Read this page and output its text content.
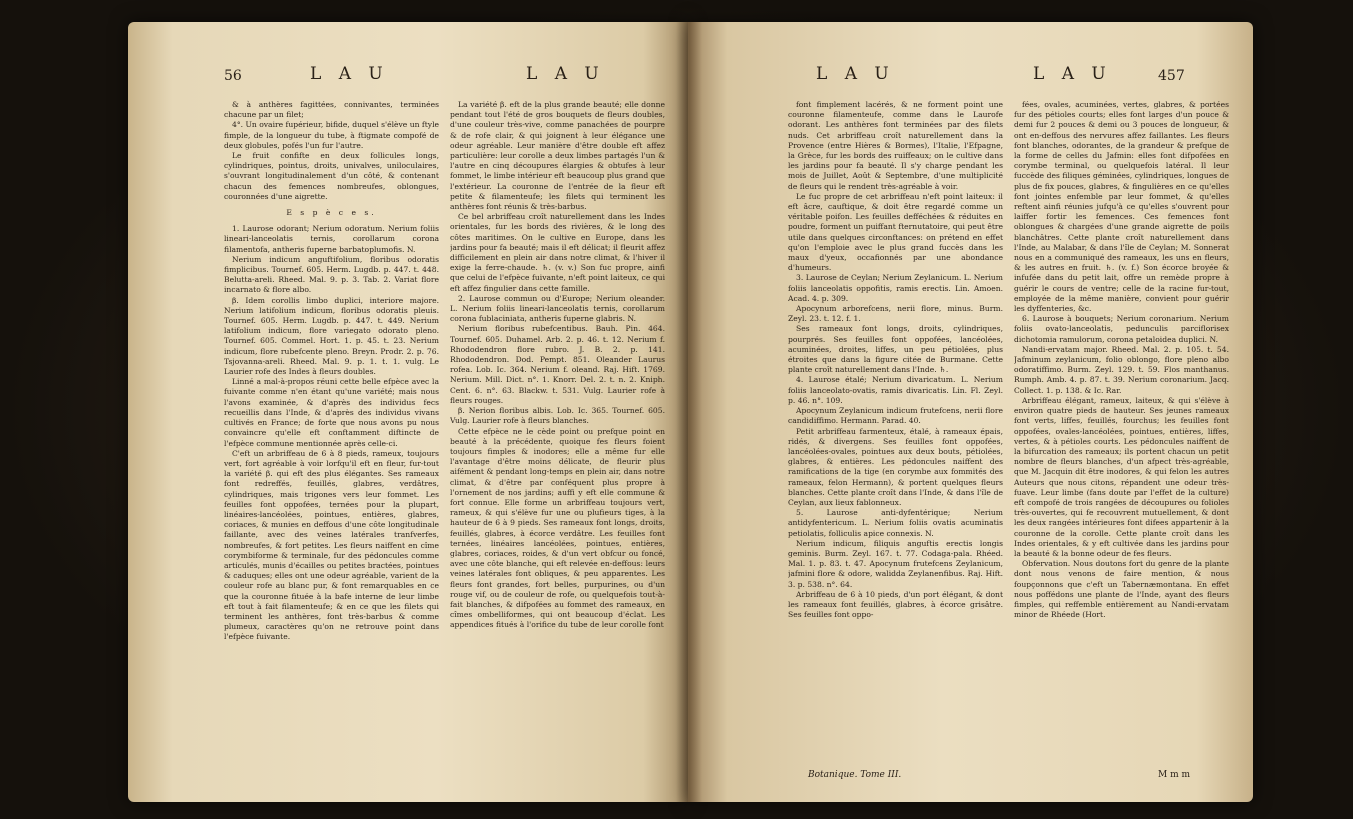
56	L A U	L A U

& à anthères fagittées, connivantes, terminées chacune par un filet;

4°. Un ovaire fupérieur, bifide, duquel s'élève un ftyle fimple, de la longueur du tube, à ftigmate compofé de deux globules, pofés l'un fur l'autre.

Le fruit confifte en deux follicules longs, cylindriques, pointus, droits, univalves, uniloculaires, s'ouvrant longitudinalement d'un côté, & contenant chacun des femences nombreufes, oblongues, couronnées d'une aigrette.

E s p è c e s.

1. Laurose odorant; Nerium odoratum. Nerium foliis lineari-lanceolatis ternis, corollarum corona filamentofa, antheris fuperne barbatoplumofis. N.

Nerium indicum anguftifolium, floribus odoratis fimplicibus. Tournef. 605. Herm. Lugdb. p. 447. t. 448. Belutta-areli. Rheed. Mal. 9. p. 3. Tab. 2. Variat flore incarnato & flore albo.

β. Idem corollis limbo duplici, interiore majore. Nerium latifolium indicum, floribus odoratis pleuis. Tournef. 605. Herm. Lugdb. p. 447. t. 449. Nerium latifolium indicum, flore variegato odorato pleno. Tournef. 605. Commel. Hort. 1. p. 45. t. 23. Nerium indicum, flore rubefcente pleno. Breyn. Prodr. 2. p. 76. Tsjovanna-areli. Rheed. Mal. 9. p. 1. t. 1. vulg. Le Laurier rofe des Indes à fleurs doubles.

Linné a mal-à-propos réuni cette belle efpèce avec la fuivante comme n'en étant qu'une variété; mais nous l'avons examinée, & d'après des individus fecs recueillis dans l'Inde, & d'après des individus vivans cultivés en France; de forte que nous avons pu nous convaincre qu'elle eft conftamment diftincte de l'efpèce commune mentionnée après celle-ci.

C'eft un arbriffeau de 6 à 8 pieds, rameux, toujours vert, fort agréable à voir lorfqu'il eft en fleur, fur-tout la variété β. qui eft des plus élégantes. Ses rameaux font redreffés, feuillés, glabres, verdâtres, cylindriques, mais trigones vers leur fommet. Les feuilles font oppofées, ternées pour la plupart, linéaires-lancéolées, pointues, entières, glabres, coriaces, & munies en deffous d'une côte longitudinale faillante, avec des veines latérales tranfverfes, nombreufes, & fort petites. Les fleurs naiffent en cîme corymbiforme & terminale, fur des pédoncules comme articulés, munis d'écailles ou petites bractées, pointues & caduques; elles ont une odeur agréable, varient de la couleur rofe au blanc pur, & font remarquables en ce que la couronne fituée à la bafe interne de leur limbe eft tout à fait filamenteufe; & en ce que les filets qui terminent les anthères, font très-barbus & comme plumeux, caractères qu'on ne retrouve point dans l'efpèce fuivante.

La variété β. eft de la plus grande beauté; elle donne pendant tout l'été de gros bouquets de fleurs doubles, d'une couleur très-vive, comme panachées de pourpre & de rofe clair, & qui joignent à leur élégance une odeur agréable. Leur manière d'être double eft affez particulière: leur corolle a deux limbes partagés l'un & l'autre en cinq découpures élargies & obtufes à leur fommet, le limbe intérieur eft beaucoup plus grand que l'extérieur. La couronne de l'entrée de la fleur eft petite & filamenteufe; les filets qui terminent les anthères font réunis & très-barbus.

Ce bel arbriffeau croît naturellement dans les Indes orientales, fur les bords des rivières, & le long des côtes maritimes. On le cultive en Europe, dans les jardins pour fa beauté; mais il eft délicat; il fleurit affez difficilement en plein air dans notre climat, & l'hiver il exige la ferre-chaude. ♄. (v. v.) Son fuc propre, ainfi que celui de l'efpèce fuivante, n'eft point laiteux, ce qui eft affez fingulier dans cette famille.

2. Laurose commun ou d'Europe; Nerium oleander. L. Nerium foliis lineari-lanceolatis ternis, corollarum corona fublaciniata, antheris fuperne glabris. N.

Nerium floribus rubefcentibus. Bauh. Pin. 464. Tournef. 605. Duhamel. Arb. 2. p. 46. t. 12. Nerium f. Rhododendron flore rubro. J. B. 2. p. 141. Rhododendron. Dod. Pempt. 851. Oleander Laurus rofea. Lob. Ic. 364. Nerium f. oleand. Raj. Hift. 1769. Nerium. Mill. Dict. n°. 1. Knorr. Del. 2. t. n. 2. Kniph. Cent. 6. n°. 63. Blackw. t. 531. Vulg. Laurier rofe à fleurs rouges.

β. Nerion floribus albis. Lob. Ic. 365. Tournef. 605. Vulg. Laurier rofe à fleurs blanches.

Cette efpèce ne le cède point ou prefque point en beauté à la précédente, quoique fes fleurs foient toujours fimples & inodores; elle a même fur elle l'avantage d'être moins délicate, de fleurir plus aifément & pendant long-temps en plein air, dans notre climat, & d'être par conféquent plus propre à l'ornement de nos jardins; auffi y eft elle commune & fort connue. Elle forme un arbriffeau toujours vert, rameux, & qui s'élève fur une ou plufieurs tiges, à la hauteur de 6 à 9 pieds. Ses rameaux font longs, droits, feuillés, glabres, à écorce verdâtre. Les feuilles font ternées, linéaires lancéolées, pointues, entières, glabres, coriaces, roides, & d'un vert obfcur ou foncé, avec une côte blanche, qui eft relevée en-deffous: leurs veines latérales font obliques, & peu apparentes. Les fleurs font grandes, fort belles, purpurines, ou d'un rouge vif, ou de couleur de rofe, ou quelquefois tout-à-fait blanches, & difpofées au fommet des rameaux, en cîmes ombelliformes, qui ont beaucoup d'éclat. Les appendices fitués à l'orifice du tube de leur corolle font

L A U	L A U	457

font fimplement lacérés, & ne forment point une couronne filamenteufe, comme dans le Laurofe odorant. Les anthères font terminées par des filets nuds. Cet arbriffeau croît naturellement dans la Provence (entre Hières & Bormes), l'Italie, l'Efpagne, la Grèce, fur les bords des ruiffeaux; on le cultive dans les jardins pour fa beauté. Il s'y charge pendant les mois de Juillet, Août & Septembre, d'une multiplicité de fleurs qui le rendent très-agréable à voir.

Le fuc propre de cet arbriffeau n'eft point laiteux: il eft âcre, cauftique, & doit être regardé comme un véritable poifon. Les feuilles defféchées & réduites en poudre, forment un puiffant fternutatoire, qui peut être utile dans quelques circonftances: on prétend en effet qu'on l'emploie avec le plus grand fuccès dans les maux d'yeux, occafionnés par une abondance d'humeurs.

3. Laurose de Ceylan; Nerium Zeylanicum. L. Nerium foliis lanceolatis oppofitis, ramis erectis. Lin. Amoen. Acad. 4. p. 309.

Apocynum arborefcens, nerii flore, minus. Burm. Zeyl. 23. t. 12. f. 1.

Ses rameaux font longs, droits, cylindriques, pourprés. Ses feuilles font oppofées, lancéolées, acuminées, droites, liffes, un peu pétiolées, plus étroites que dans la figure citée de Burmane. Cette plante croît naturellement dans l'Inde. ♄.

4. Laurose étalé; Nerium divaricatum. L. Nerium foliis lanceolato-ovatis, ramis divaricatis. Lin. Fl. Zeyl. p. 46. n°. 109.

Apocynum Zeylanicum indicum frutefcens, nerii flore candidiffimo. Hermann. Parad. 40.

Petit arbriffeau farmenteux, étalé, à rameaux épais, ridés, & divergens. Ses feuilles font oppofées, lancéolées-ovales, pointues aux deux bouts, pétiolées, glabres, & entières. Les pédoncules naiffent des ramifications de la tige (en corymbe aux fommités des rameaux, felon Hermann), & portent quelques fleurs blanches. Cette plante croît dans l'Inde, & dans l'île de Ceylan, aux lieux fablonneux.

5. Laurose anti-dyfentérique; Nerium antidyfentericum. L. Nerium foliis ovatis acuminatis petiolatis, folliculis apice connexis. N.

Nerium indicum, filiquis anguftis erectis longis geminis. Burm. Zeyl. 167. t. 77. Codaga-pala. Rhéed. Mal. 1. p. 83. t. 47. Apocynum frutefcens Zeylanicum, jafmini flore & odore, walidda Zeylanenfibus. Raj. Hift. 3. p. 538. n°. 64.

Arbriffeau de 6 à 10 pieds, d'un port élégant, & dont les rameaux font feuillés, glabres, à écorce grisâtre. Ses feuilles font oppo-

fées, ovales, acuminées, vertes, glabres, & portées fur des pétioles courts; elles font larges d'un pouce & demi fur 2 pouces & demi ou 3 pouces de longueur, & ont en-deffous des nervures affez faillantes. Les fleurs font blanches, odorantes, de la grandeur & prefque de la forme de celles du Jafmin: elles font difpofées en corymbe terminal, ou quelquefois latéral. Il leur fuccède des filiques géminées, cylindriques, longues de plus de fix pouces, glabres, & fingulières en ce qu'elles font jointes enfemble par leur fommet, & qu'elles reftent ainfi réunies jufqu'à ce qu'elles s'ouvrent pour laiffer fortir les femences. Ces femences font oblongues & chargées d'une grande aigrette de poils blanchâtres. Cette plante croît naturellement dans l'Inde, au Malabar, & dans l'île de Ceylan; M. Sonnerat nous en a communiqué des rameaux, les uns en fleurs, & les autres en fruit. ♄. (v. f.) Son écorce broyée & infufée dans du petit lait, offre un remède propre à guérir le cours de ventre; celle de la racine fur-tout, employée de la même manière, convient pour guérir les dyffenteries, &c.

6. Laurose à bouquets; Nerium coronarium. Nerium foliis ovato-lanceolatis, pedunculis parciflorisex dichotomia ramulorum, corona petaloidea duplici. N.

Nandi-ervatam major. Rheed. Mal. 2. p. 105. t. 54. Jafminum zeylanicum, folio oblongo, flore pleno albo odoratiffimo. Burm. Zeyl. 129. t. 59. Flos manthanus. Rumph. Amb. 4. p. 87. t. 39. Nerium coronarium. Jacq. Collect. 1. p. 138. & Ic. Rar.

Arbriffeau élégant, rameux, laiteux, & qui s'élève à environ quatre pieds de hauteur. Ses jeunes rameaux font verts, liffes, feuillés, fourchus; les feuilles font oppofées, ovales-lancéolées, pointues, entières, liffes, vertes, & à pétioles courts. Les pédoncules naiffent de la bifurcation des rameaux; ils portent chacun un petit nombre de fleurs blanches, d'un afpect très-agréable, que M. Jacquin dit être inodores, & qui felon les autres Auteurs que nous citons, répandent une odeur très-fuave. Leur limbe (fans doute par l'effet de la culture) eft compofé de trois rangées de découpures ou folioles très-ouvertes, qui fe recouvrent mutuellement, & dont les deux rangées intérieures font difees appartenir à la couronne de la corolle. Cette plante croît dans les Indes orientales, & y eft cultivée dans les jardins pour la beauté & la bonne odeur de fes fleurs.

Obfervation. Nous doutons fort du genre de la plante dont nous venons de faire mention, & nous foupçonnons que c'eft un Tabernæmontana. En effet nous poffédons une plante de l'Inde, ayant des fleurs fimples, qui reffemble entièrement au Nandi-ervatam minor de Rhéede (Hort.

Botanique. Tome III.	M m m
